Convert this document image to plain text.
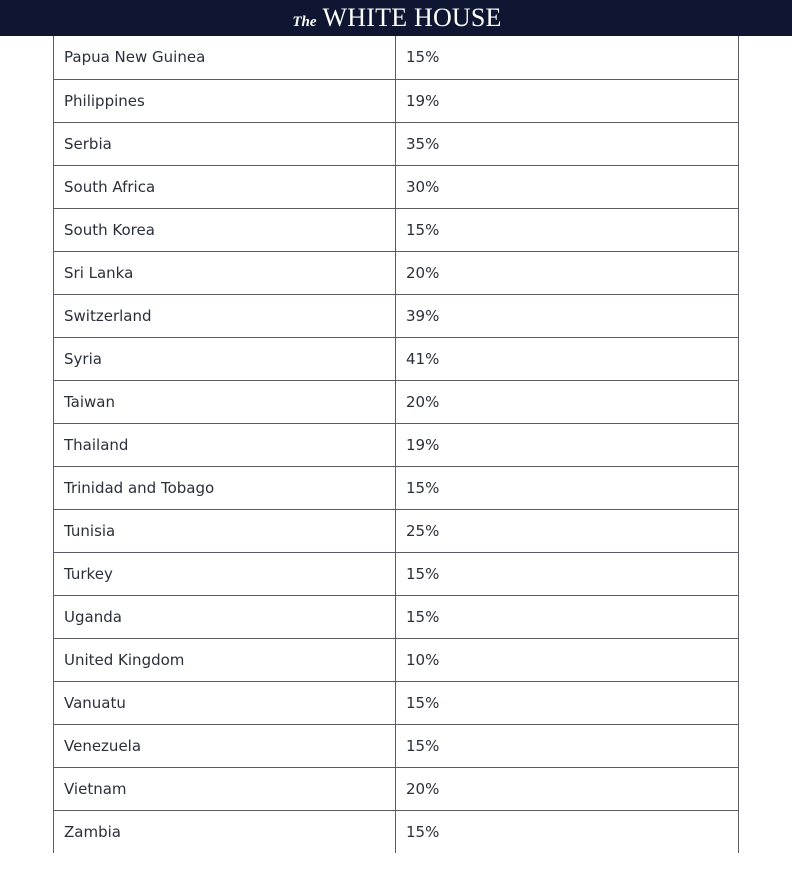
The WHITE HOUSE
Papua New Guinea	15%
Philippines	19%
Serbia	35%
South Africa	30%
South Korea	15%
Sri Lanka	20%
Switzerland	39%
Syria	41%
Taiwan	20%
Thailand	19%
Trinidad and Tobago	15%
Tunisia	25%
Turkey	15%
Uganda	15%
United Kingdom	10%
Vanuatu	15%
Venezuela	15%
Vietnam	20%
Zambia	15%
